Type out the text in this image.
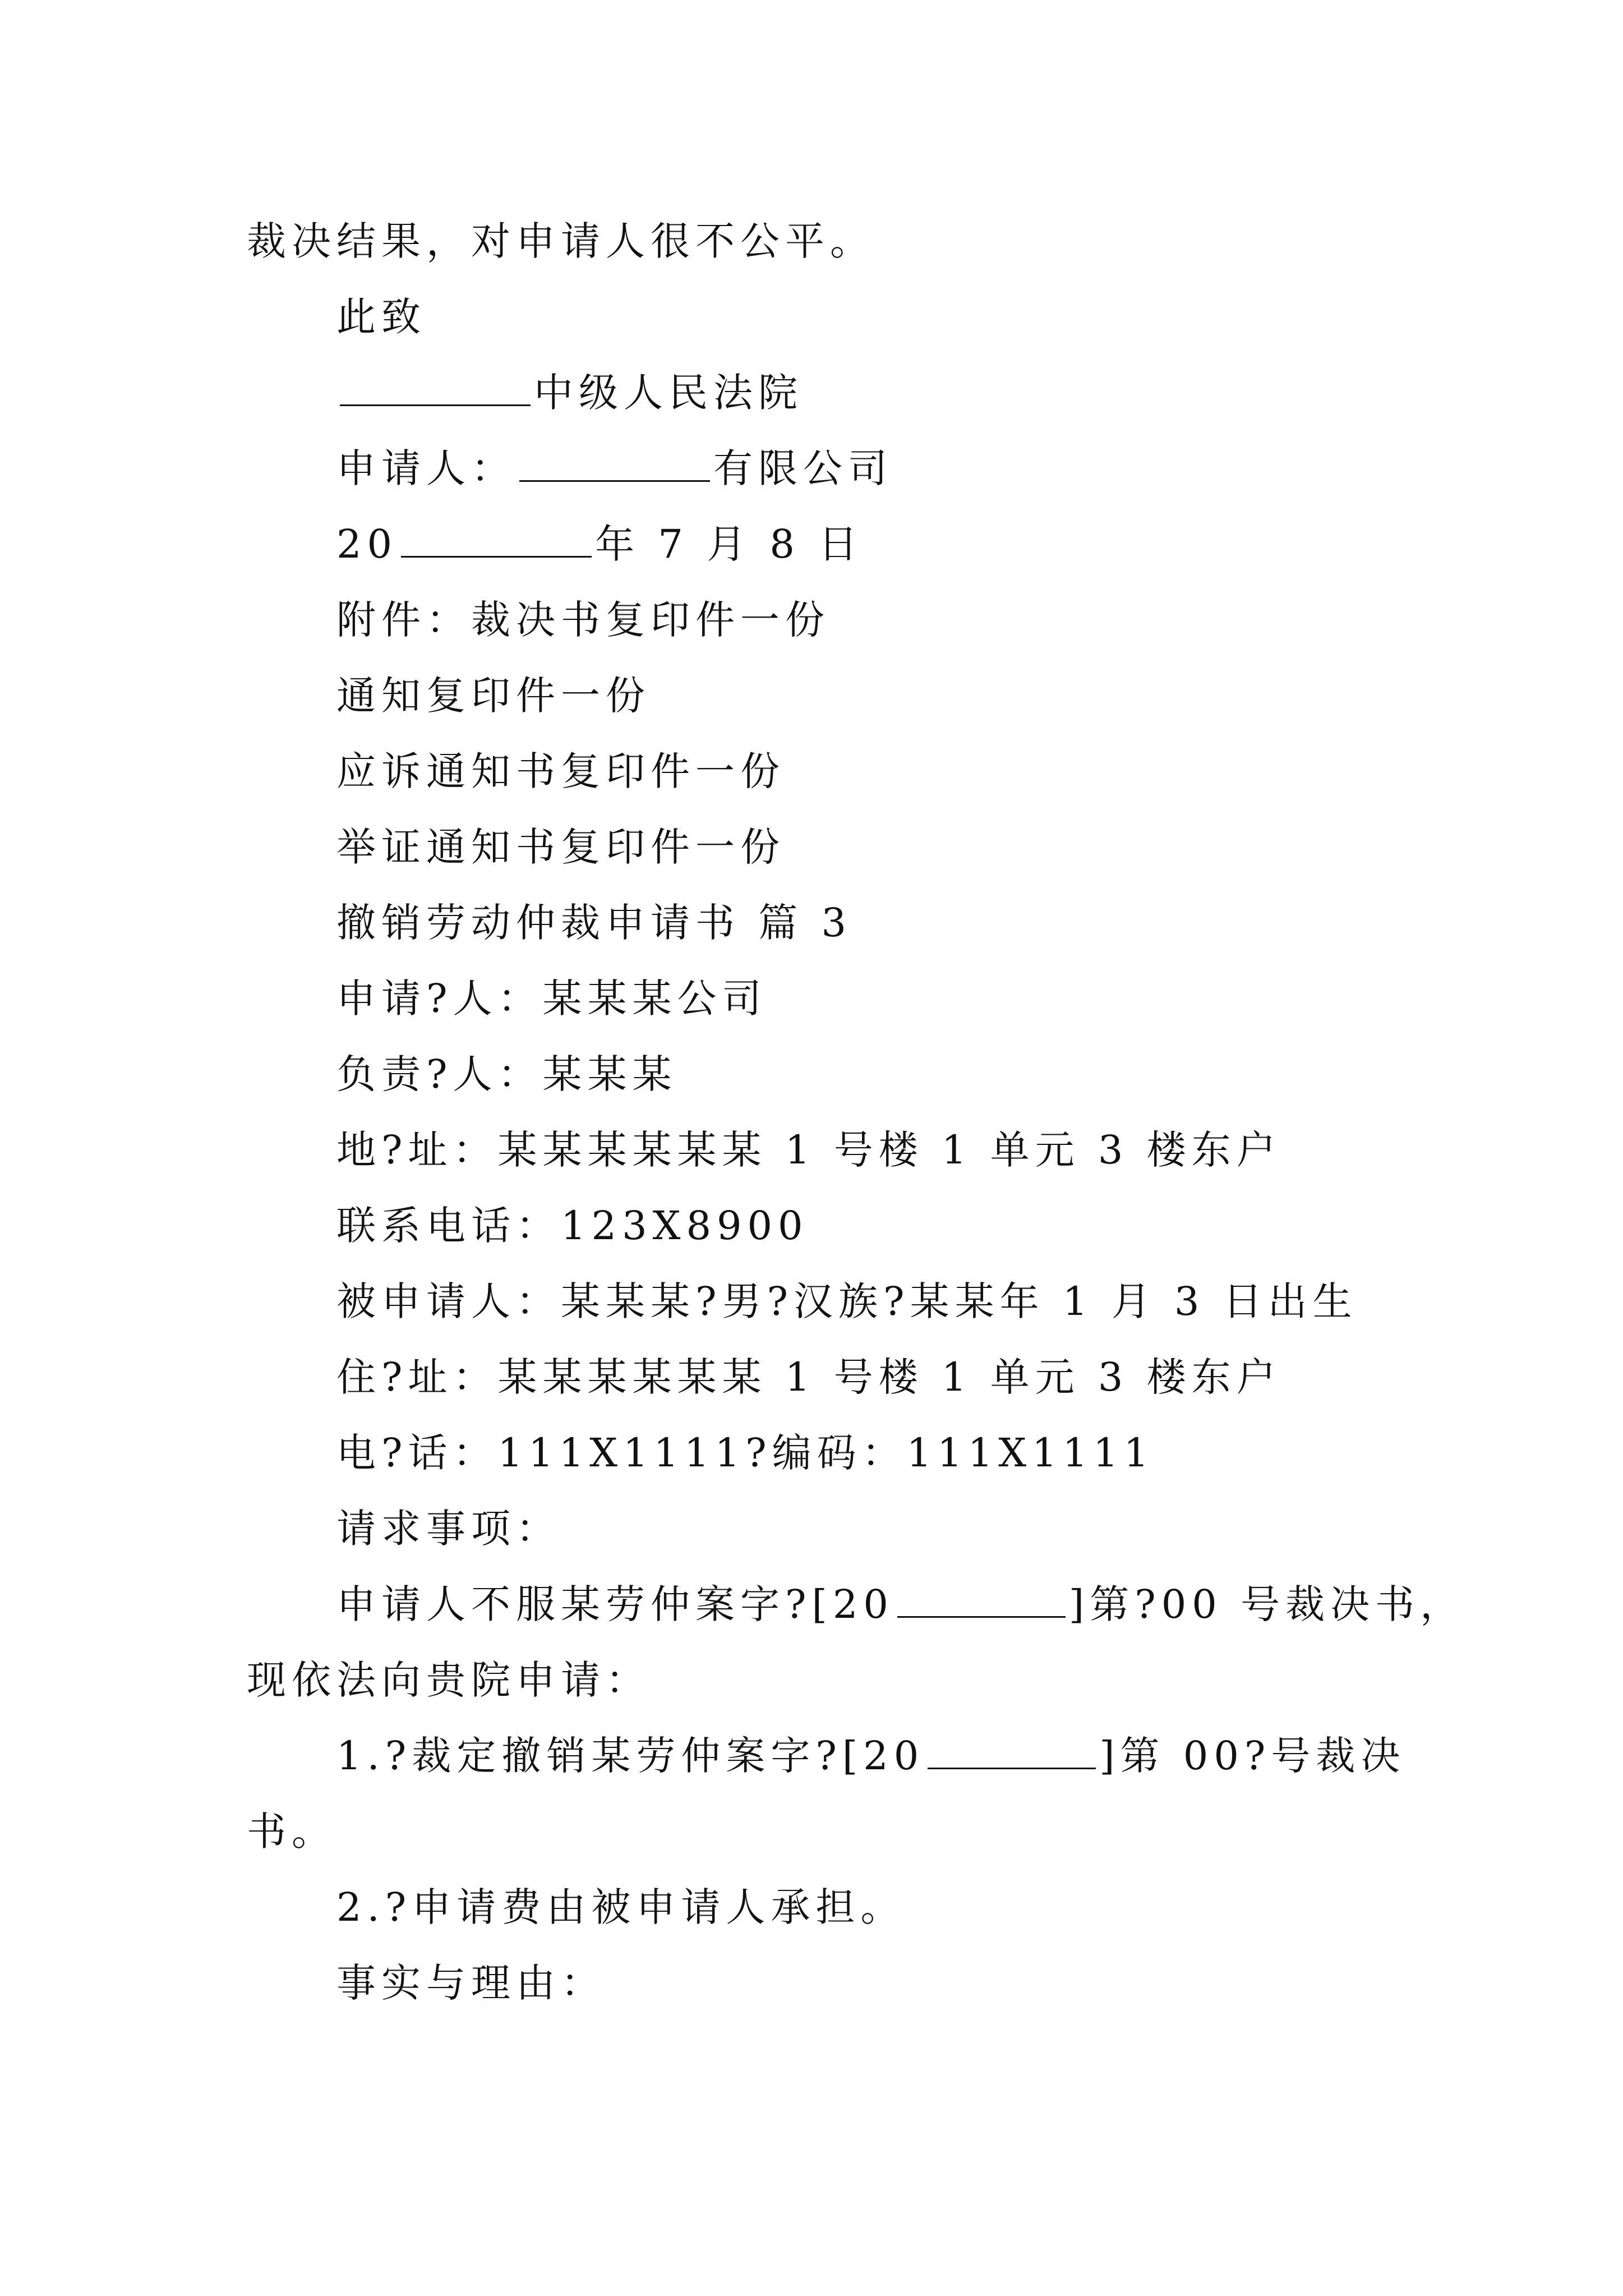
裁决结果，对申请人很不公平。
此致
中级人民法院
申请人：	有限公司
20	年 7 月 8 日
附件：裁决书复印件一份
通知复印件一份
应诉通知书复印件一份
举证通知书复印件一份
撤销劳动仲裁申请书 篇 3
申请?人：某某某公司
负责?人：某某某
地?址：某某某某某某 1 号楼 1 单元 3 楼东户
联系电话：123X8900
被申请人：某某某?男?汉族?某某年 1 月 3 日出生
住?址：某某某某某某 1 号楼 1 单元 3 楼东户
电?话：111X1111?编码：111X1111
请求事项：
申请人不服某劳仲案字?[20	]第?00 号裁决书，
现依法向贵院申请：
1.?裁定撤销某劳仲案字?[20	]第 00?号裁决
书。
2.?申请费由被申请人承担。
事实与理由：
